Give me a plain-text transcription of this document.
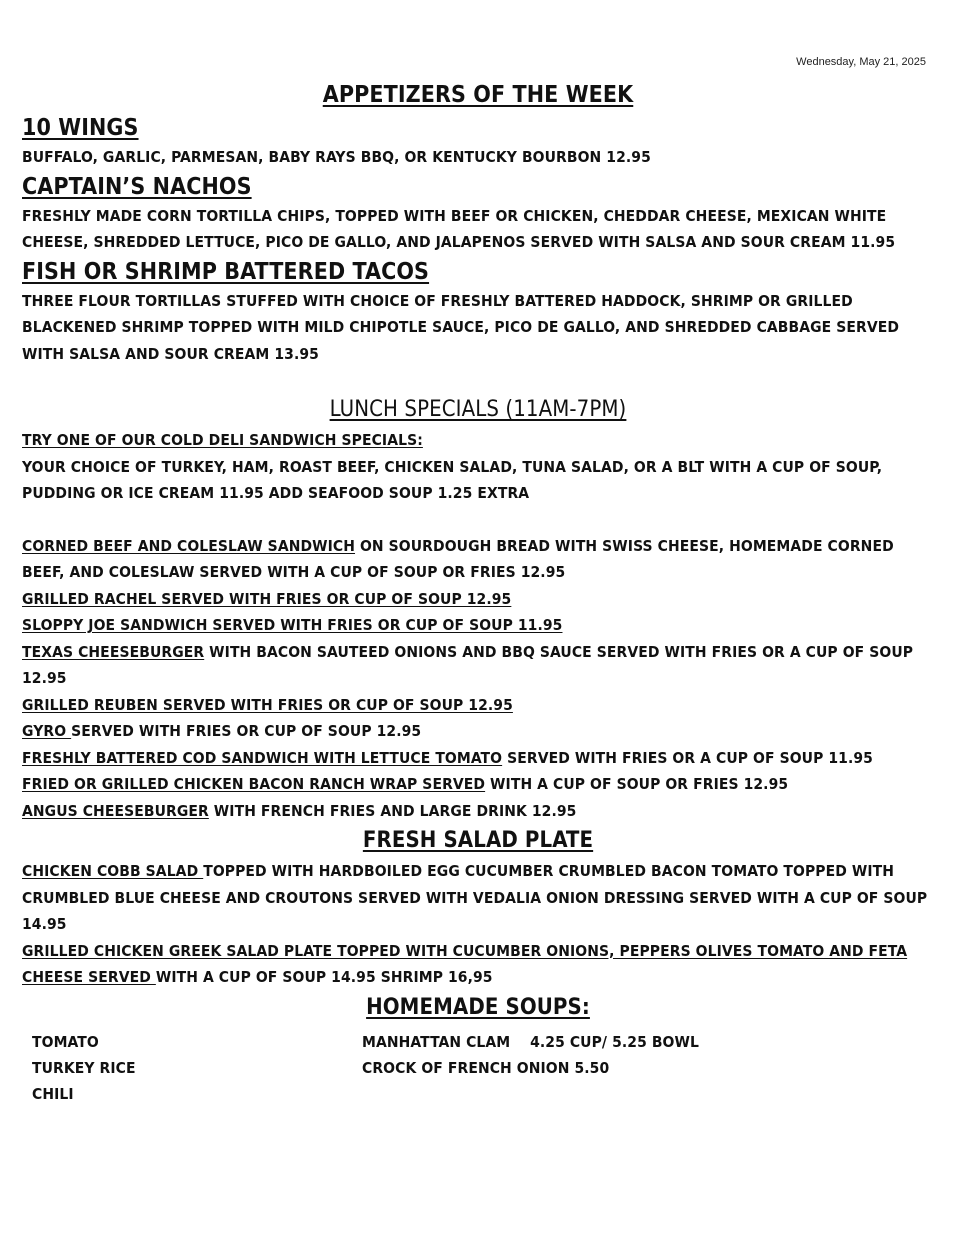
Wednesday, May 21, 2025
APPETIZERS OF THE WEEK
10 WINGS

BUFFALO, GARLIC, PARMESAN, BABY RAYS BBQ, OR KENTUCKY BOURBON 12.95

CAPTAIN’S NACHOS

FRESHLY MADE CORN TORTILLA CHIPS, TOPPED WITH BEEF OR CHICKEN, CHEDDAR CHEESE, MEXICAN WHITE CHEESE, SHREDDED LETTUCE, PICO DE GALLO, AND JALAPENOS SERVED WITH SALSA AND SOUR CREAM 11.95

FISH OR SHRIMP BATTERED TACOS

THREE FLOUR TORTILLAS STUFFED WITH CHOICE OF FRESHLY BATTERED HADDOCK, SHRIMP OR GRILLED BLACKENED SHRIMP TOPPED WITH MILD CHIPOTLE SAUCE, PICO DE GALLO, AND SHREDDED CABBAGE SERVED WITH SALSA AND SOUR CREAM 13.95

LUNCH SPECIALS (11AM-7PM)

TRY ONE OF OUR COLD DELI SANDWICH SPECIALS:

YOUR CHOICE OF TURKEY, HAM, ROAST BEEF, CHICKEN SALAD, TUNA SALAD, OR A BLT WITH A CUP OF SOUP, PUDDING OR ICE CREAM 11.95 ADD SEAFOOD SOUP 1.25 EXTRA

CORNED BEEF AND COLESLAW SANDWICH ON SOURDOUGH BREAD WITH SWISS CHEESE, HOMEMADE CORNED BEEF, AND COLESLAW SERVED WITH A CUP OF SOUP OR FRIES 12.95

GRILLED RACHEL SERVED WITH FRIES OR CUP OF SOUP 12.95

SLOPPY JOE SANDWICH SERVED WITH FRIES OR CUP OF SOUP 11.95

TEXAS CHEESEBURGER WITH BACON SAUTEED ONIONS AND BBQ SAUCE SERVED WITH FRIES OR A CUP OF SOUP 12.95

GRILLED REUBEN SERVED WITH FRIES OR CUP OF SOUP 12.95

GYRO SERVED WITH FRIES OR CUP OF SOUP 12.95

FRESHLY BATTERED COD SANDWICH WITH LETTUCE TOMATO SERVED WITH FRIES OR A CUP OF SOUP 11.95

FRIED OR GRILLED CHICKEN BACON RANCH WRAP SERVED WITH A CUP OF SOUP OR FRIES 12.95

ANGUS CHEESEBURGER WITH FRENCH FRIES AND LARGE DRINK 12.95

FRESH SALAD PLATE

CHICKEN COBB SALAD TOPPED WITH HARDBOILED EGG CUCUMBER CRUMBLED BACON TOMATO TOPPED WITH CRUMBLED BLUE CHEESE AND CROUTONS SERVED WITH VEDALIA ONION DRESSING SERVED WITH A CUP OF SOUP 14.95

GRILLED CHICKEN GREEK SALAD PLATE TOPPED WITH CUCUMBER ONIONS, PEPPERS OLIVES TOMATO AND FETA CHEESE SERVED WITH A CUP OF SOUP 14.95 SHRIMP 16,95

HOMEMADE SOUPS:
TOMATO
TURKEY RICE
CHILI
MANHATTAN CLAM    4.25 CUP/ 5.25 BOWL
CROCK OF FRENCH ONION 5.50
